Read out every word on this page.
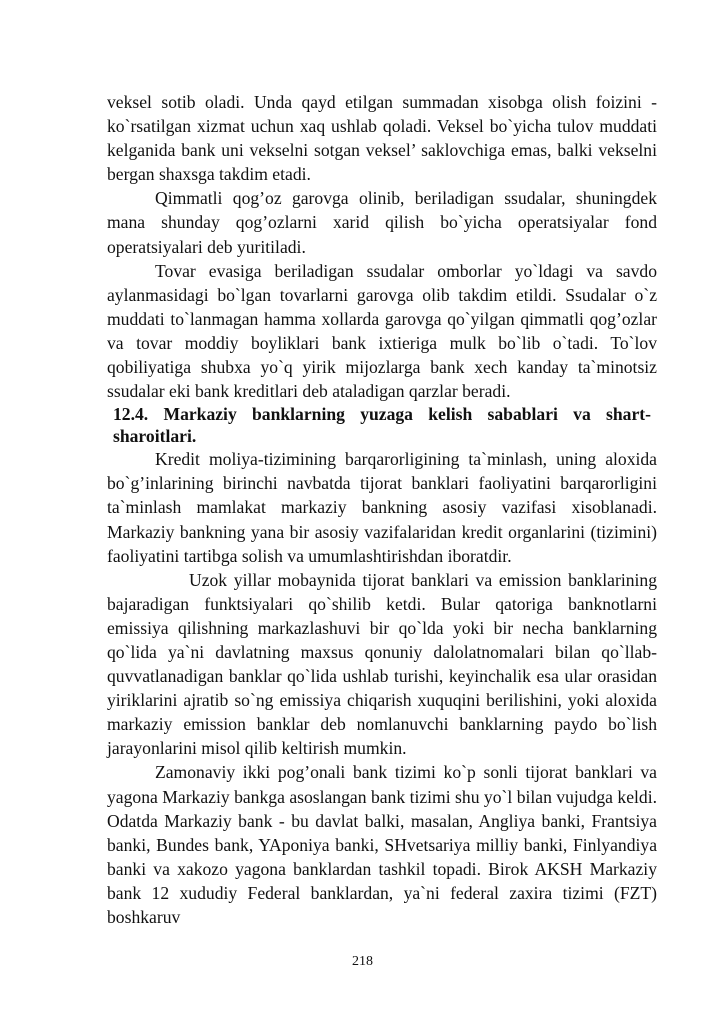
veksel sotib oladi. Unda qayd etilgan summadan xisobga olish foizini - ko`rsatilgan xizmat uchun xaq ushlab qoladi. Veksel bo`yicha tulov muddati kelganida bank uni vekselni sotgan veksel’ saklovchiga emas, balki vekselni bergan shaxsga takdim etadi.

Qimmatli qog’oz garovga olinib, beriladigan ssudalar, shuningdek mana shunday qog’ozlarni xarid qilish bo`yicha operatsiyalar fond operatsiyalari deb yuritiladi.

Tovar evasiga beriladigan ssudalar omborlar yo`ldagi va savdo aylanmasidagi bo`lgan tovarlarni garovga olib takdim etildi. Ssudalar o`z muddati to`lanmagan hamma xollarda garovga qo`yilgan qimmatli qog’ozlar va tovar moddiy boyliklari bank ixtieriga mulk bo`lib o`tadi. To`lov qobiliyatiga shubxa yo`q yirik mijozlarga bank xech kanday ta`minotsiz ssudalar eki bank kreditlari deb ataladigan qarzlar beradi.

12.4. Markaziy banklarning yuzaga kelish sabablari va shart-sharoitlari.

Kredit moliya-tizimining barqarorligining ta`minlash, uning aloxida bo`g’inlarining birinchi navbatda tijorat banklari faoliyatini barqarorligini ta`minlash mamlakat markaziy bankning asosiy vazifasi xisoblanadi. Markaziy bankning yana bir asosiy vazifalaridan kredit organlarini (tizimini) faoliyatini tartibga solish va umumlashtirishdan iboratdir.

Uzok yillar mobaynida tijorat banklari va emission banklarining bajaradigan funktsiyalari qo`shilib ketdi. Bular qatoriga banknotlarni emissiya qilishning markazlashuvi bir qo`lda yoki bir necha banklarning qo`lida ya`ni davlatning maxsus qonuniy dalolatnomalari bilan qo`llab-quvvatlanadigan banklar qo`lida ushlab turishi, keyinchalik esa ular orasidan yiriklarini ajratib so`ng emissiya chiqarish xuquqini berilishini, yoki aloxida markaziy emission banklar deb nomlanuvchi banklarning paydo bo`lish jarayonlarini misol qilib keltirish mumkin.

Zamonaviy ikki pog’onali bank tizimi ko`p sonli tijorat banklari va yagona Markaziy bankga asoslangan bank tizimi shu yo`l bilan vujudga keldi. Odatda Markaziy bank - bu davlat balki, masalan, Angliya banki, Frantsiya banki, Bundes bank, YAponiya banki, SHvetsariya milliy banki, Finlyandiya banki va xakozo yagona banklardan tashkil topadi. Birok AKSH Markaziy bank 12 xududiy Federal banklardan, ya`ni federal zaxira tizimi (FZT) boshkaruv

218
